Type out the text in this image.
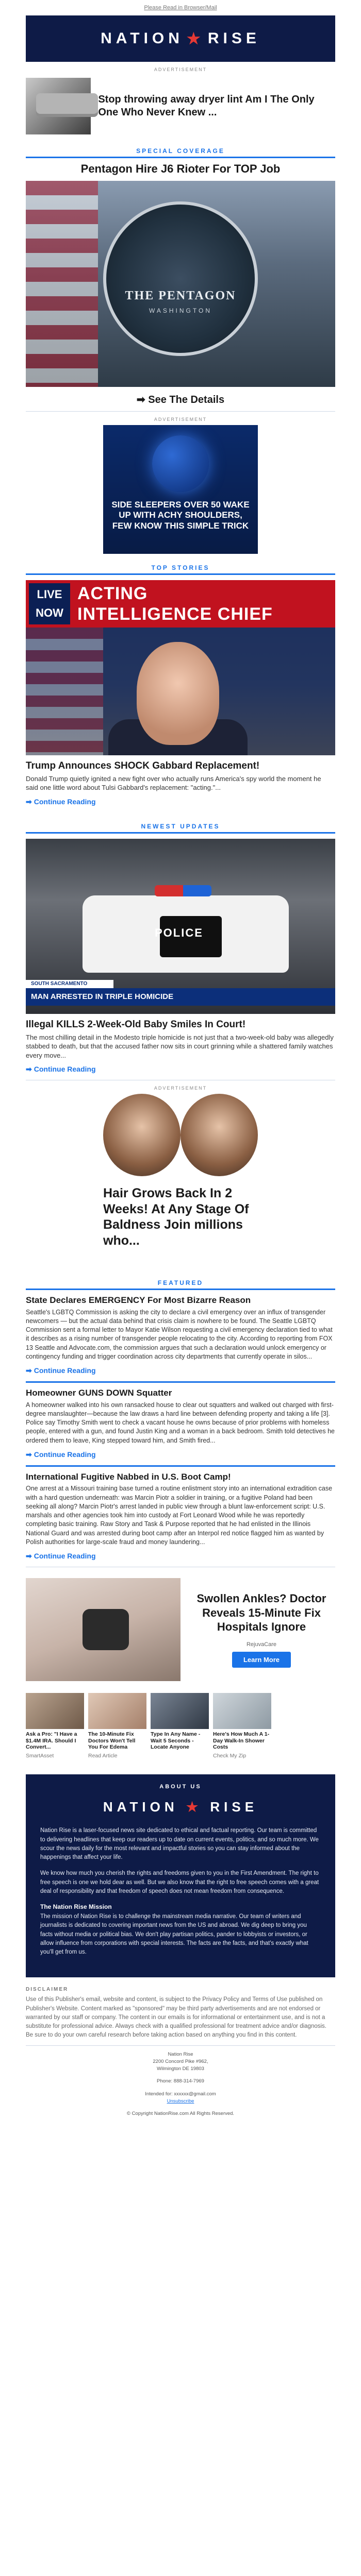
Please Read in Browser/Mail
NATION ★ RISE
ADVERTISEMENT
Stop throwing away dryer lint Am I The Only One Who Never Knew ...
SPECIAL COVERAGE
Pentagon Hire J6 Rioter For TOP Job
THE PENTAGON
WASHINGTON
➡ See The Details
ADVERTISEMENT
SIDE SLEEPERS OVER 50 WAKE UP WITH ACHY SHOULDERS, FEW KNOW THIS SIMPLE TRICK
TOP STORIES
LIVE NOW
ACTING
INTELLIGENCE CHIEF
Trump Announces SHOCK Gabbard Replacement!
Donald Trump quietly ignited a new fight over who actually runs America's spy world the moment he said one little word about Tulsi Gabbard's replacement: "acting."...
➡ Continue Reading
NEWEST UPDATES
POLICE
SOUTH SACRAMENTO
MAN ARRESTED IN TRIPLE HOMICIDE
Illegal KILLS 2-Week-Old Baby Smiles In Court!
The most chilling detail in the Modesto triple homicide is not just that a two-week-old baby was allegedly stabbed to death, but that the accused father now sits in court grinning while a shattered family watches every move...
➡ Continue Reading
ADVERTISEMENT
Hair Grows Back In 2 Weeks! At Any Stage Of Baldness Join millions who...
FEATURED
State Declares EMERGENCY For Most Bizarre Reason
Seattle's LGBTQ Commission is asking the city to declare a civil emergency over an influx of transgender newcomers — but the actual data behind that crisis claim is nowhere to be found. The Seattle LGBTQ Commission sent a formal letter to Mayor Katie Wilson requesting a civil emergency declaration tied to what it describes as a rising number of transgender people relocating to the city. According to reporting from FOX 13 Seattle and Advocate.com, the commission argues that such a declaration would unlock emergency or contingency funding and trigger coordination across city departments that currently operate in silos...
➡ Continue Reading
Homeowner GUNS DOWN Squatter
A homeowner walked into his own ransacked house to clear out squatters and walked out charged with first-degree manslaughter—because the law draws a hard line between defending property and taking a life [3]. Police say Timothy Smith went to check a vacant house he owns because of prior problems with homeless people, entered with a gun, and found Justin King and a woman in a back bedroom. Smith told detectives he ordered them to leave, King stepped toward him, and Smith fired...
➡ Continue Reading
International Fugitive Nabbed in U.S. Boot Camp!
One arrest at a Missouri training base turned a routine enlistment story into an international extradition case with a hard question underneath: was Marcin Piotr a soldier in training, or a fugitive Poland had been seeking all along? Marcin Piotr's arrest landed in public view through a blunt law-enforcement script: U.S. marshals and other agencies took him into custody at Fort Leonard Wood while he was reportedly completing basic training. Raw Story and Task & Purpose reported that he had enlisted in the Illinois National Guard and was arrested during boot camp after an Interpol red notice flagged him as wanted by Polish authorities for large-scale fraud and money laundering...
➡ Continue Reading
Swollen Ankles? Doctor Reveals 15-Minute Fix Hospitals Ignore
RejuvaCare
Learn More
Ask a Pro: "I Have a $1.4M IRA. Should I Convert...
SmartAsset
The 10-Minute Fix Doctors Won't Tell You For Edema
Read Article
Type In Any Name - Wait 5 Seconds - Locate Anyone
Here's How Much A 1-Day Walk-In Shower Costs
Check My Zip
ABOUT US
NATION ★ RISE

Nation Rise is a laser-focused news site dedicated to ethical and factual reporting. Our team is committed to delivering headlines that keep our readers up to date on current events, politics, and so much more. We scour the news daily for the most relevant and impactful stories so you can stay informed about the happenings that affect your life.

We know how much you cherish the rights and freedoms given to you in the First Amendment. The right to free speech is one we hold dear as well. But we also know that the right to free speech comes with a great deal of responsibility and that freedom of speech does not mean freedom from consequence.

The Nation Rise Mission

The mission of Nation Rise is to challenge the mainstream media narrative. Our team of writers and journalists is dedicated to covering important news from the US and abroad. We dig deep to bring you facts without media or political bias. We don't play partisan politics, pander to lobbyists or investors, or allow influence from corporations with special interests. The facts are the facts, and that's exactly what you'll get from us.

DISCLAIMER

Use of this Publisher's email, website and content, is subject to the Privacy Policy and Terms of Use published on Publisher's Website. Content marked as "sponsored" may be third party advertisements and are not endorsed or warranted by our staff or company. The content in our emails is for informational or entertainment use, and is not a substitute for professional advice. Always check with a qualified professional for treatment advice and/or diagnosis. Be sure to do your own careful research before taking action based on anything you find in this content.

Nation Rise
2200 Concord Pike #962,
Wilmington DE 19803
Phone: 888-314-7969
Intended for: xxxxxx@gmail.com
Unsubscribe
© Copyright NationRise.com All Rights Reserved.
